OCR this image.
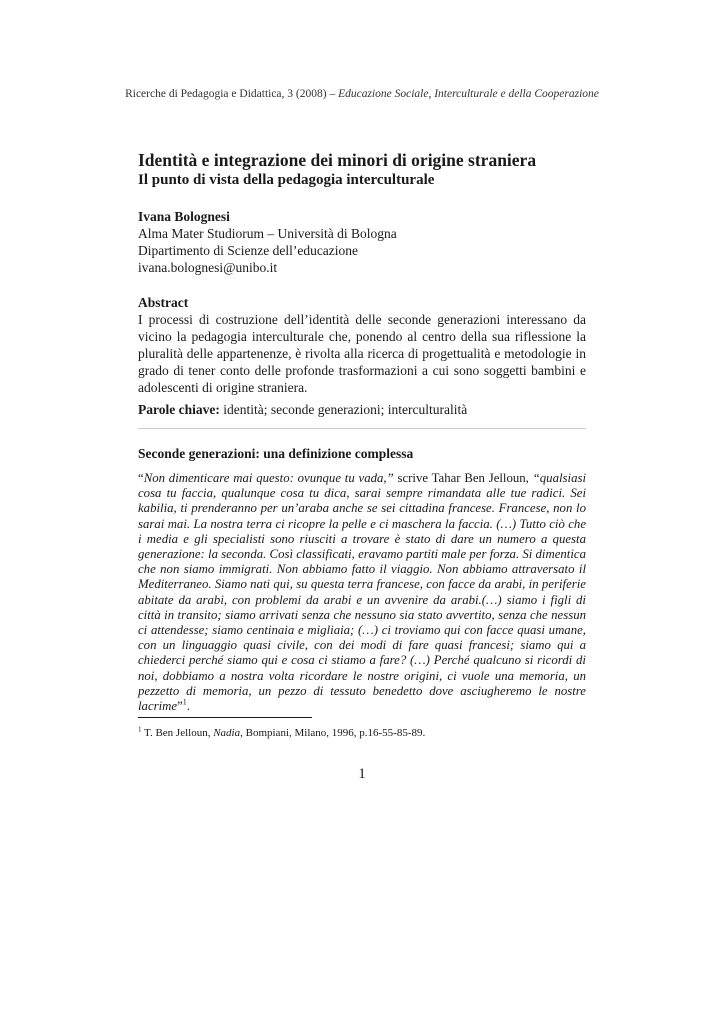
Ricerche di Pedagogia e Didattica, 3 (2008) – Educazione Sociale, Interculturale e della Cooperazione
Identità e integrazione dei minori di origine straniera
Il punto di vista della pedagogia interculturale
Ivana Bolognesi
Alma Mater Studiorum – Università di Bologna
Dipartimento di Scienze dell’educazione
ivana.bolognesi@unibo.it
Abstract
I processi di costruzione dell’identità delle seconde generazioni interessano da vicino la pedagogia interculturale che, ponendo al centro della sua riflessione la pluralità delle appartenenze, è rivolta alla ricerca di progettualità e metodologie in grado di tener conto delle profonde trasformazioni a cui sono soggetti bambini e adolescenti di origine straniera.
Parole chiave: identità; seconde generazioni; interculturalità
Seconde generazioni: una definizione complessa
“Non dimenticare mai questo: ovunque tu vada,” scrive Tahar Ben Jelloun, “qualsiasi cosa tu faccia, qualunque cosa tu dica, sarai sempre rimandata alle tue radici. Sei kabilia, ti prenderanno per un’araba anche se sei cittadina francese. Francese, non lo sarai mai. La nostra terra ci ricopre la pelle e ci maschera la faccia. (…) Tutto ciò che i media e gli specialisti sono riusciti a trovare è stato di dare un numero a questa generazione: la seconda. Così classificati, eravamo partiti male per forza. Si dimentica che non siamo immigrati. Non abbiamo fatto il viaggio. Non abbiamo attraversato il Mediterraneo. Siamo nati qui, su questa terra francese, con facce da arabi, in periferie abitate da arabi, con problemi da arabi e un avvenire da arabi.(…) siamo i figli di città in transito; siamo arrivati senza che nessuno sia stato avvertito, senza che nessun ci attendesse; siamo centinaia e migliaia; (…) ci troviamo qui con facce quasi umane, con un linguaggio quasi civile, con dei modi di fare quasi francesi; siamo qui a chiederci perché siamo qui e cosa ci stiamo a fare? (…) Perché qualcuno si ricordi di noi, dobbiamo a nostra volta ricordare le nostre origini, ci vuole una memoria, un pezzetto di memoria, un pezzo di tessuto benedetto dove asciugheremo le nostre lacrime”$^1$.
$^1$ T. Ben Jelloun, Nadia, Bompiani, Milano, 1996, p.16-55-85-89.
1
